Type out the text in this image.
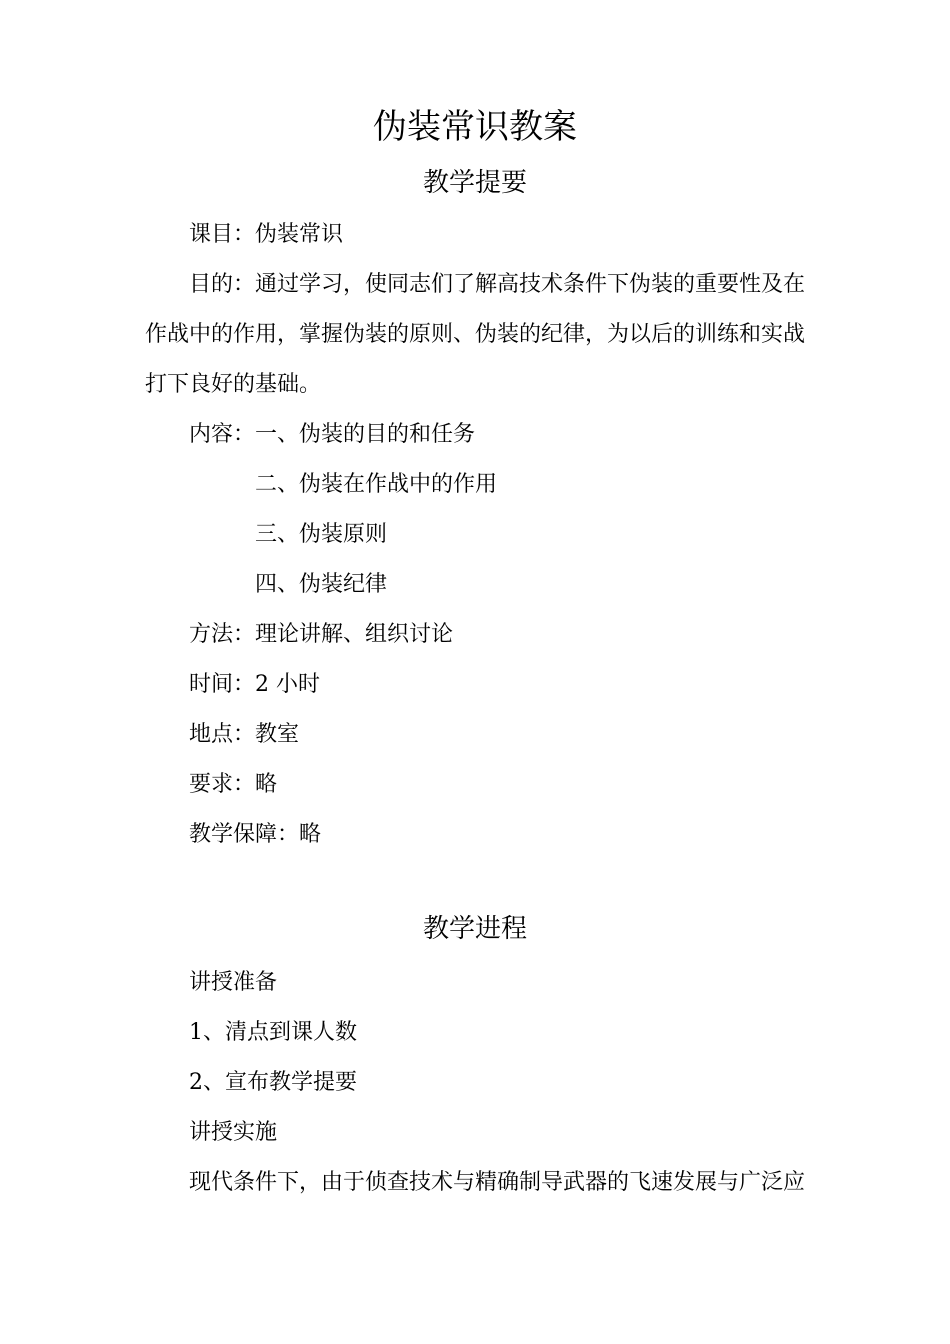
伪装常识教案
教学提要
课目：伪装常识
目的：通过学习，使同志们了解高技术条件下伪装的重要性及在
作战中的作用，掌握伪装的原则、伪装的纪律，为以后的训练和实战
打下良好的基础。
内容：一、伪装的目的和任务
二、伪装在作战中的作用
三、伪装原则
四、伪装纪律
方法：理论讲解、组织讨论
时间：2 小时
地点：教室
要求：略
教学保障：略
教学进程
讲授准备
1、清点到课人数
2、宣布教学提要
讲授实施
现代条件下，由于侦查技术与精确制导武器的飞速发展与广泛应
